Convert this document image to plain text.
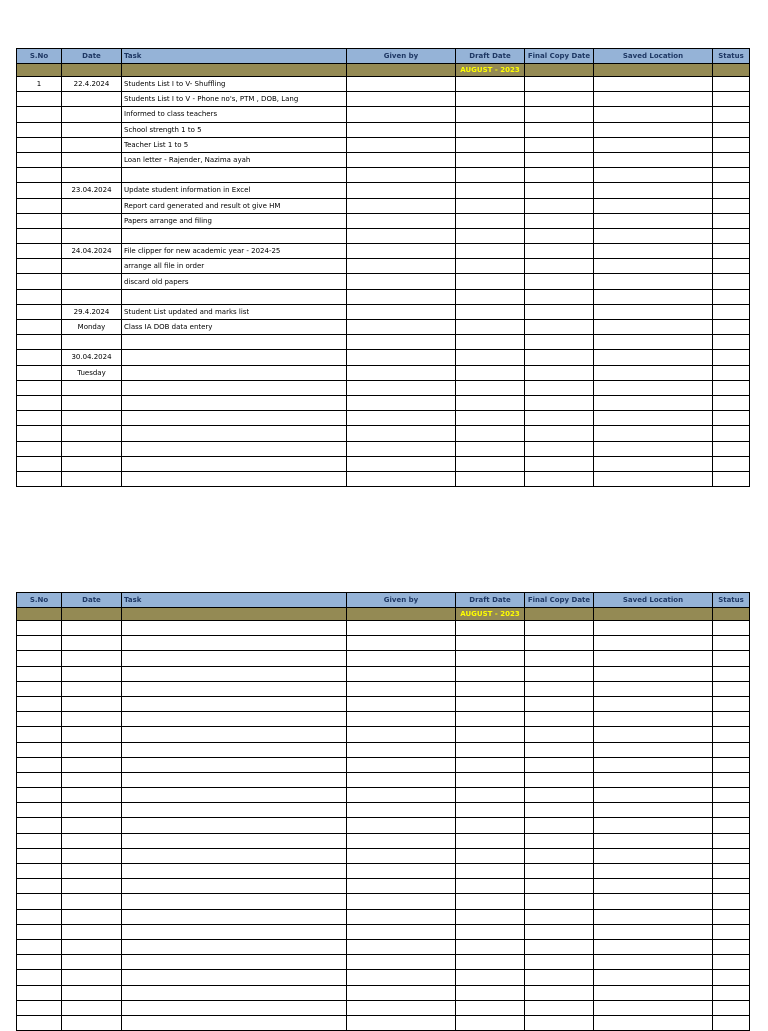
S.No	Date	Task	Given by	Draft Date	Final Copy Date	Saved Location	Status
				AUGUST - 2023			
1	22.4.2024	Students List I to V- Shuffling					
		Students List I to V - Phone no's, PTM , DOB, Lang					
		Informed to class teachers					
		School strength 1 to 5					
		Teacher List 1 to 5					
		Loan letter - Rajender, Nazima ayah					

	23.04.2024	Update student information in Excel					
		Report card generated and result ot give HM					
		Papers arrange and filing					

	24.04.2024	File clipper for new academic year - 2024-25					
		arrange all file in order					
		discard old papers					

	29.4.2024	Student List updated and marks list					
	Monday	Class IA DOB data entery					

	30.04.2024						
	Tuesday						

S.No	Date	Task	Given by	Draft Date	Final Copy Date	Saved Location	Status
				AUGUST - 2023			
